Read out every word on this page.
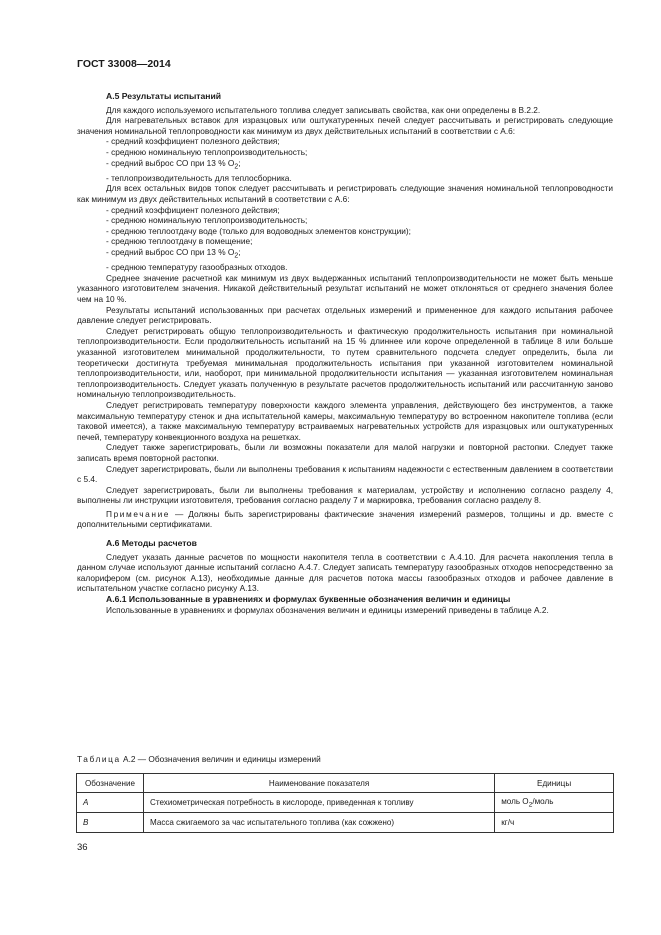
ГОСТ 33008—2014

А.5 Результаты испытаний

Для каждого используемого испытательного топлива следует записывать свойства, как они определены в В.2.2.

Для нагревательных вставок для изразцовых или оштукатуренных печей следует рассчитывать и регистрировать следующие значения номинальной теплопроводности как минимум из двух действительных испытаний в соответствии с А.6:

- средний коэффициент полезного действия;

- среднюю номинальную теплопроизводительность;

- средний выброс СО при 13 % $О_2$;

- теплопроизводительность для теплосборника.

Для всех остальных видов топок следует рассчитывать и регистрировать следующие значения номинальной теплопроводности как минимум из двух действительных испытаний в соответствии с А.6:

- средний коэффициент полезного действия;

- среднюю номинальную теплопроизводительность;

- среднюю теплоотдачу воде (только для водоводных элементов конструкции);

- среднюю теплоотдачу в помещение;

- средний выброс СО при 13 % $О_2$;

- среднюю температуру газообразных отходов.

Среднее значение расчетной как минимум из двух выдержанных испытаний теплопроизводительности не может быть меньше указанного изготовителем значения. Никакой действительный результат испытаний не может отклоняться от среднего значения более чем на 10 %.

Результаты испытаний использованных при расчетах отдельных измерений и примененное для каждого испытания рабочее давление следует регистрировать.

Следует регистрировать общую теплопроизводительность и фактическую продолжительность испытания при номинальной теплопроизводительности. Если продолжительность испытаний на 15 % длиннее или короче определенной в таблице 8 или больше указанной изготовителем минимальной продолжительности, то путем сравнительного подсчета следует определить, была ли теоретически достигнута требуемая минимальная продолжительность испытания при указанной изготовителем номинальной теплопроизводительности, или, наоборот, при минимальной продолжительности испытания — указанная изготовителем номинальная теплопроизводительность. Следует указать полученную в результате расчетов продолжительность испытаний или рассчитанную заново номинальную теплопроизводительность.

Следует регистрировать температуру поверхности каждого элемента управления, действующего без инструментов, а также максимальную температуру стенок и дна испытательной камеры, максимальную температуру во встроенном накопителе топлива (если таковой имеется), а также максимальную температуру встраиваемых нагревательных устройств для изразцовых или оштукатуренных печей, температуру конвекционного воздуха на решетках.

Следует также зарегистрировать, были ли возможны показатели для малой нагрузки и повторной растопки. Следует также записать время повторной растопки.

Следует зарегистрировать, были ли выполнены требования к испытаниям надежности с естественным давлением в соответствии с 5.4.

Следует зарегистрировать, были ли выполнены требования к материалам, устройству и исполнению согласно разделу 4, выполнены ли инструкции изготовителя, требования согласно разделу 7 и маркировка, требования согласно разделу 8.

Примечание — Должны быть зарегистрированы фактические значения измерений размеров, толщины и др. вместе с дополнительными сертификатами.

А.6 Методы расчетов

Следует указать данные расчетов по мощности накопителя тепла в соответствии с А.4.10. Для расчета накопления тепла в данном случае используют данные испытаний согласно А.4.7. Следует записать температуру газообразных отходов непосредственно за калорифером (см. рисунок А.13), необходимые данные для расчетов потока массы газообразных отходов и рабочее давление в испытательном участке согласно рисунку А.13.

А.6.1 Использованные в уравнениях и формулах буквенные обозначения величин и единицы

Использованные в уравнениях и формулах обозначения величин и единицы измерений приведены в таблице А.2.

Таблица А.2 — Обозначения величин и единицы измерений
Обозначение	Наименование показателя	Единицы
A	Стехиометрическая потребность в кислороде, приведенная к топливу	моль $О_2$/моль
B	Масса сжигаемого за час испытательного топлива (как сожжено)	кг/ч
36
